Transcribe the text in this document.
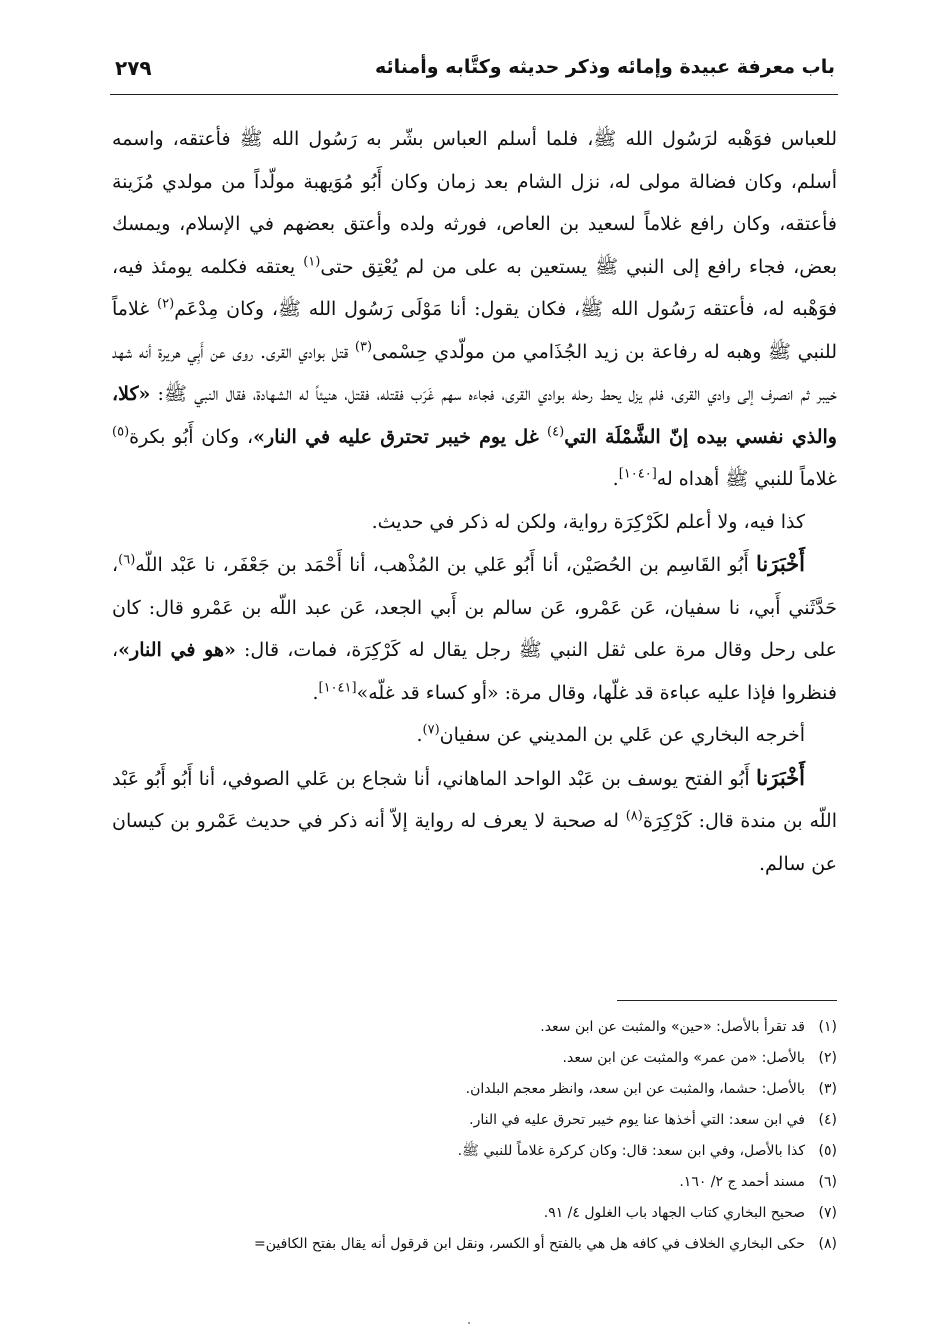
باب معرفة عبيدة وإمائه وذكر حديثه وكتَّابه وأمنائه
٢٧٩

للعباس فوَهْبه لرَسُول الله ﷺ، فلما أسلم العباس بشّر به رَسُول الله ﷺ فأعتقه، واسمه أسلم، وكان فضالة مولى له، نزل الشام بعد زمان وكان أَبُو مُوَيهبة مولّداً من مولدي مُزَينة فأعتقه، وكان رافع غلاماً لسعيد بن العاص، فورثه ولده وأعتق بعضهم في الإسلام، ويمسك بعض، فجاء رافع إلى النبي ﷺ يستعين به على من لم يُعْتِق حتى$^{(١)}$ يعتقه فكلمه يومئذ فيه، فوَهْبه له، فأعتقه رَسُول الله ﷺ، فكان يقول: أنا مَوْلَى رَسُول الله ﷺ، وكان مِدْعَم$^{(٢)}$ غلاماً للنبي ﷺ وهبه له رفاعة بن زيد الجُذَامي من مولّدي حِسْمى$^{(٣)}$ قتل بوادي القرى. روى عن أَبِي هريرة أنه شهد خيبر ثم انصرف إلى وادي القرى، فلم يزل يحط رحله بوادي القرى، فجاءه سهم غَرَب فقتله، فقتل، هنيئاً له الشهادة، فقال النبي ﷺ: «كلا، والذي نفسي بيده إنّ الشَّمْلَة التي$^{(٤)}$ غل يوم خيبر تحترق عليه في النار»، وكان أَبُو بكرة$^{(٥)}$ غلاماً للنبي ﷺ أهداه له[١٠٤٠].

كذا فيه، ولا أعلم لكَرْكِرَة رواية، ولكن له ذكر في حديث.

أَخْبَرَنا أَبُو القَاسِم بن الحُصَيْن، أنا أَبُو عَلي بن المُذْهب، أنا أَحْمَد بن جَعْفَر، نا عَبْد اللّه$^{(٦)}$، حَدَّثَني أَبي، نا سفيان، عَن عَمْرو، عَن سالم بن أَبي الجعد، عَن عبد اللّه بن عَمْرو قال: كان على رحل وقال مرة على ثقل النبي ﷺ رجل يقال له كَرْكِرَة، فمات، قال: «هو في النار»، فنظروا فإذا عليه عباءة قد غلّها، وقال مرة: «أو كساء قد غلّه»[١٠٤١].

أخرجه البخاري عن عَلي بن المديني عن سفيان$^{(٧)}$.

أَخْبَرَنا أَبُو الفتح يوسف بن عَبْد الواحد الماهاني، أنا شجاع بن عَلي الصوفي، أنا أَبُو أَبُو عَبْد اللّه بن مندة قال: كَرْكِرَة$^{(٨)}$ له صحبة لا يعرف له رواية إلاّ أنه ذكر في حديث عَمْرو بن كيسان عن سالم.

(١)
قد تقرأ بالأصل: «حين» والمثبت عن ابن سعد.
(٢)
بالأصل: «من عمر» والمثبت عن ابن سعد.
(٣)
بالأصل: حشما، والمثبت عن ابن سعد، وانظر معجم البلدان.
(٤)
في ابن سعد: التي أخذها عنا يوم خيبر تحرق عليه في النار.
(٥)
كذا بالأصل، وفي ابن سعد: قال: وكان كركرة غلاماً للنبي ﷺ.
(٦)
مسند أحمد ج ٢/ ١٦٠.
(٧)
صحيح البخاري كتاب الجهاد باب الغلول ٤/ ٩١.
(٨)
حكى البخاري الخلاف في كافه هل هي بالفتح أو الكسر، ونقل ابن قرقول أنه يقال بفتح الكافين=
